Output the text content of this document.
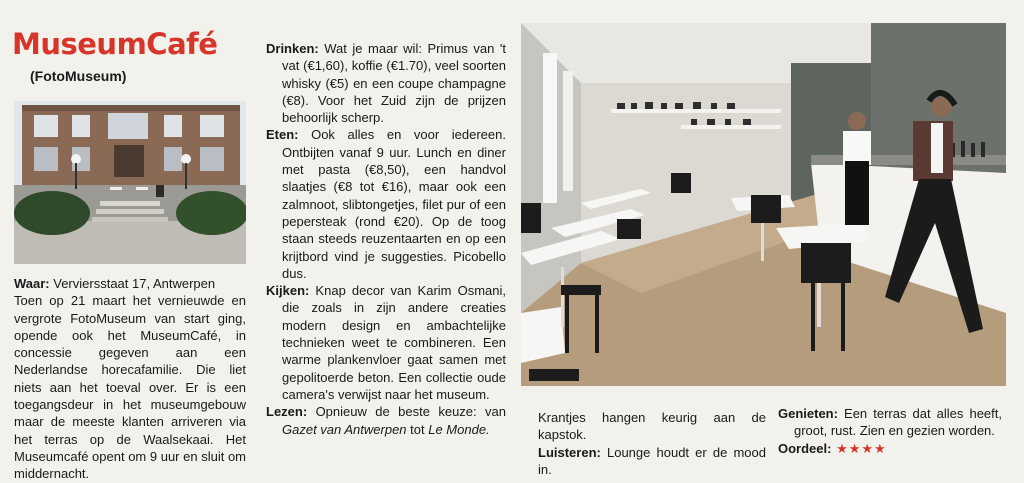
MuseumCafé
(FotoMuseum)

Waar: Verviersstaat 17, Antwerpen

Toen op 21 maart het vernieuwde en vergrote FotoMuseum van start ging, opende ook het MuseumCafé, in concessie gegeven aan een Nederlandse horecafamilie. Die liet niets aan het toeval over. Er is een toegangsdeur in het museumgebouw maar de meeste klanten arriveren via het terras op de Waalsekaai. Het Museumcafé opent om 9 uur en sluit om middernacht.

Drinken: Wat je maar wil: Primus van 't vat (€1,60), koffie (€1.70), veel soorten whisky (€5) en een coupe champagne (€8). Voor het Zuid zijn de prijzen behoorlijk scherp.

Eten: Ook alles en voor iedereen. Ontbijten vanaf 9 uur. Lunch en diner met pasta (€8,50), een handvol slaatjes (€8 tot €16), maar ook een zalmnoot, slibtongetjes, filet pur of een pepersteak (rond €20). Op de toog staan steeds reuzentaarten en op een krijtbord vind je suggesties. Picobello dus.

Kijken: Knap decor van Karim Osmani, die zoals in zijn andere creaties modern design en ambachtelijke technieken weet te combineren. Een warme plankenvloer gaat samen met gepolitoerde beton. Een collectie oude camera's verwijst naar het museum.

Lezen: Opnieuw de beste keuze: van Gazet van Antwerpen tot Le Monde.

Krantjes hangen keurig aan de kapstok.

Luisteren: Lounge houdt er de mood in.

Genieten: Een terras dat alles heeft, groot, rust. Zien en gezien worden.

Oordeel: ★★★★
